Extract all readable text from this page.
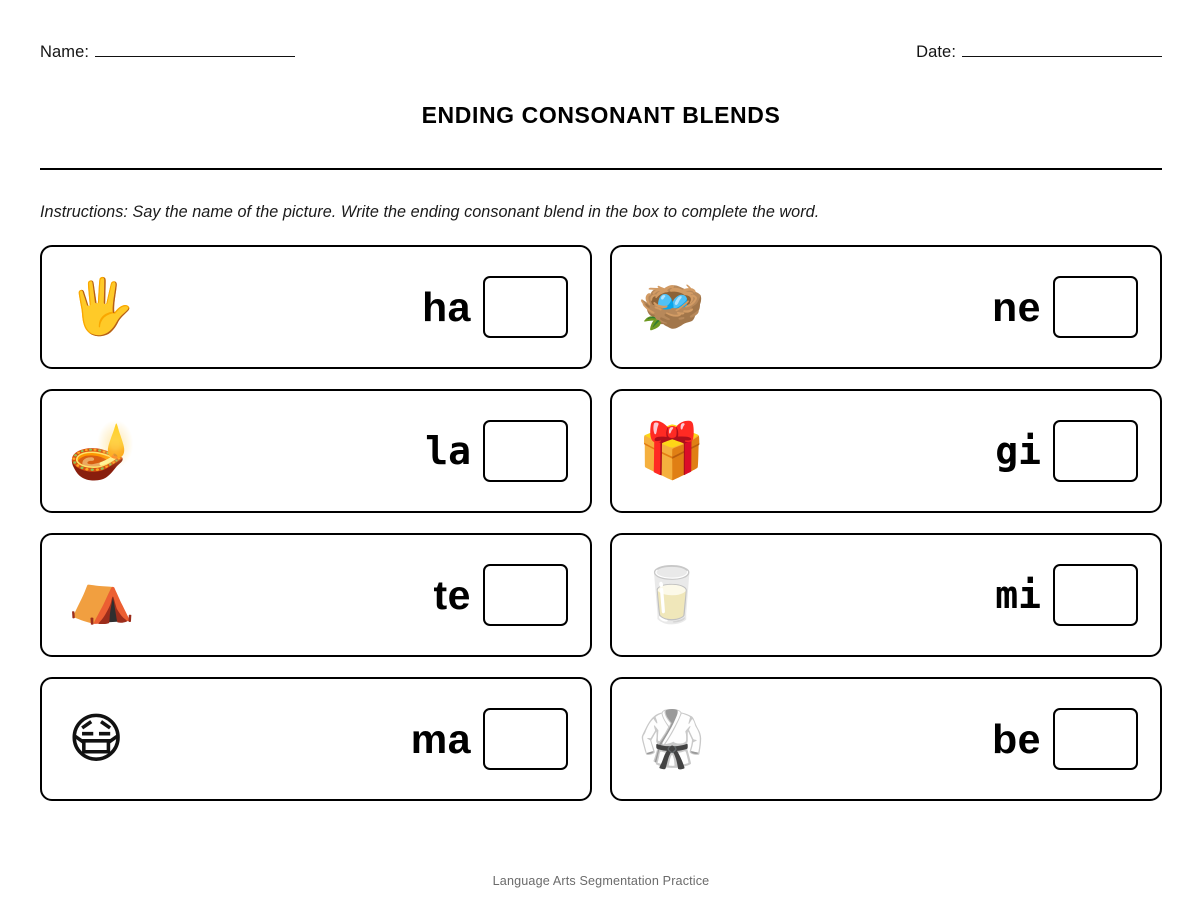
Name:	Date:
ENDING CONSONANT BLENDS
Instructions: Say the name of the picture. Write the ending consonant blend in the box to complete the word.
🖐️	ha	🪺	ne
🪔	la	🎁	gi
⛺	te	🥛	mi
😷	ma	🥋	be
Language Arts Segmentation Practice
